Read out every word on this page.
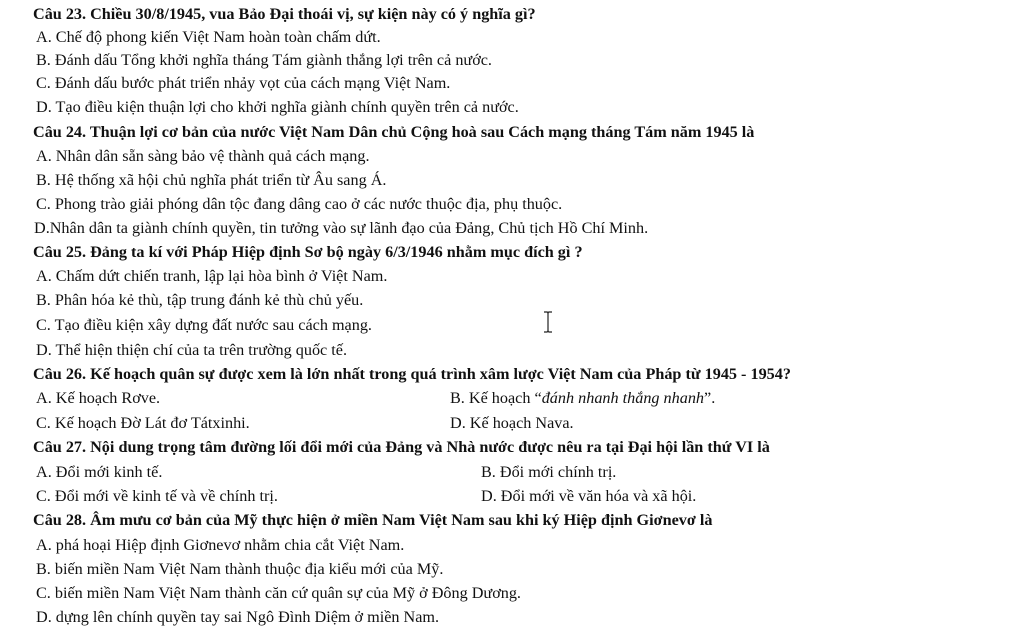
Câu 23. Chiều 30/8/1945, vua Bảo Đại thoái vị, sự kiện này có ý nghĩa gì?
A. Chế độ phong kiến Việt Nam hoàn toàn chấm dứt.
B. Đánh dấu Tổng khởi nghĩa tháng Tám giành thắng lợi trên cả nước.
C. Đánh dấu bước phát triển nhảy vọt của cách mạng Việt Nam.
D. Tạo điều kiện thuận lợi cho khởi nghĩa giành chính quyền trên cả nước.
Câu 24. Thuận lợi cơ bản của nước Việt Nam Dân chủ Cộng hoà sau Cách mạng tháng Tám năm 1945 là
A. Nhân dân sẵn sàng bảo vệ thành quả cách mạng.
B. Hệ thống xã hội chủ nghĩa phát triển từ Âu sang Á.
C. Phong trào giải phóng dân tộc đang dâng cao ở các nước thuộc địa, phụ thuộc.
D.Nhân dân ta giành chính quyền, tin tưởng vào sự lãnh đạo của Đảng, Chủ tịch Hồ Chí Minh.
Câu 25. Đảng ta kí với Pháp Hiệp định Sơ bộ ngày 6/3/1946 nhằm mục đích gì ?
A. Chấm dứt chiến tranh, lập lại hòa bình ở Việt Nam.
B. Phân hóa kẻ thù, tập trung đánh kẻ thù chủ yếu.
C. Tạo điều kiện xây dựng đất nước sau cách mạng.
D. Thể hiện thiện chí của ta trên trường quốc tế.
Câu 26. Kế hoạch quân sự được xem là lớn nhất trong quá trình xâm lược Việt Nam của Pháp từ 1945 - 1954?
A. Kế hoạch Rơve.	B. Kế hoạch “đánh nhanh thắng nhanh”.
C. Kế hoạch Đờ Lát đơ Tátxinhi.	D. Kế hoạch Nava.
Câu 27. Nội dung trọng tâm đường lối đổi mới của Đảng và Nhà nước được nêu ra tại Đại hội lần thứ VI là
A. Đổi mới kinh tế.	B. Đổi mới chính trị.
C. Đổi mới về kinh tế và về chính trị.	D. Đổi mới về văn hóa và xã hội.
Câu 28. Âm mưu cơ bản của Mỹ thực hiện ở miền Nam Việt Nam sau khi ký Hiệp định Giơnevơ là
A. phá hoại Hiệp định Giơnevơ nhằm chia cắt Việt Nam.
B. biến miền Nam Việt Nam thành thuộc địa kiểu mới của Mỹ.
C. biến miền Nam Việt Nam thành căn cứ quân sự của Mỹ ở Đông Dương.
D. dựng lên chính quyền tay sai Ngô Đình Diệm ở miền Nam.
